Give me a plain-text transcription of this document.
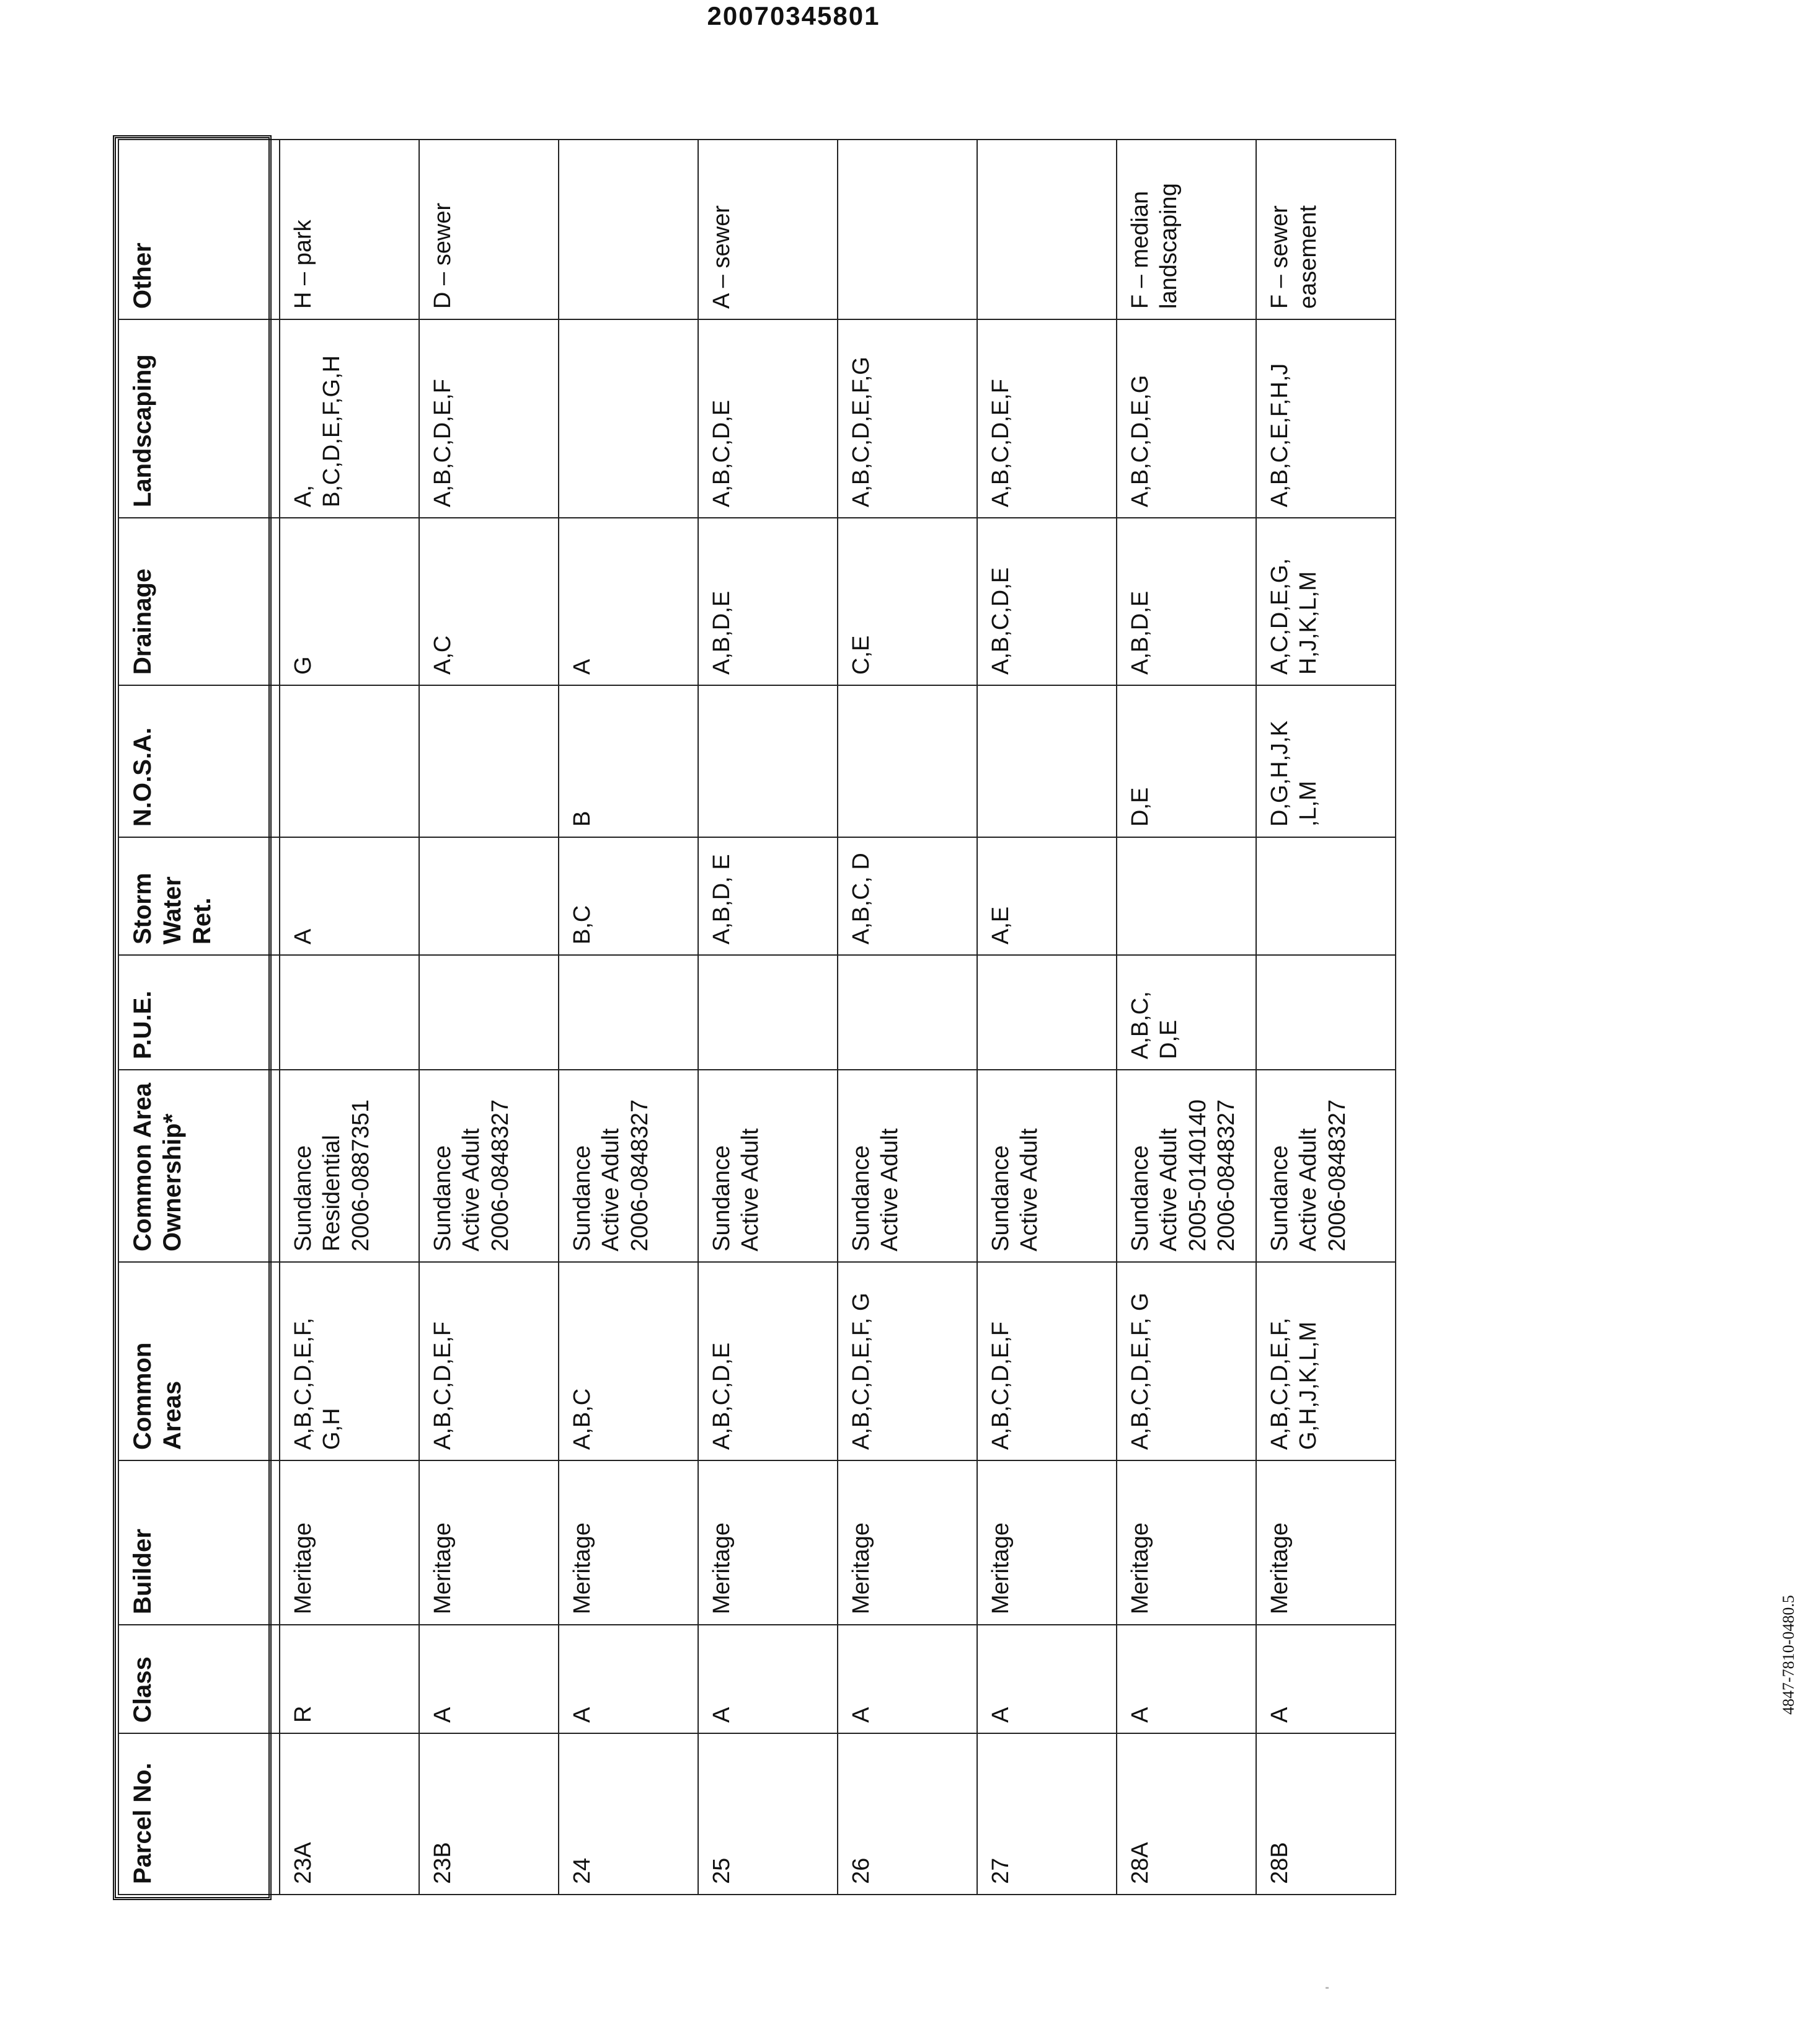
20070345801
Parcel No.	Class	Builder	Common Areas	Common Area Ownership*	P.U.E.	Storm Water Ret.	N.O.S.A.	Drainage	Landscaping	Other
23A	R	Meritage	A,B,C,D,E,F, G,H	Sundance Residential 2006-0887351		A		G	A, B,C,D,E,F,G,H	H – park
23B	A	Meritage	A,B,C,D,E,F	Sundance Active Adult 2006-0848327				A,C	A,B,C,D,E,F	D – sewer
24	A	Meritage	A,B,C	Sundance Active Adult 2006-0848327		B,C	B	A		
25	A	Meritage	A,B,C,D,E	Sundance Active Adult		A,B,D, E		A,B,D,E	A,B,C,D,E	A – sewer
26	A	Meritage	A,B,C,D,E,F, G	Sundance Active Adult		A,B,C, D		C,E	A,B,C,D,E,F,G	
27	A	Meritage	A,B,C,D,E,F	Sundance Active Adult		A,E		A,B,C,D,E	A,B,C,D,E,F	
28A	A	Meritage	A,B,C,D,E,F, G	Sundance Active Adult 2005-0140140 2006-0848327	A,B,C, D,E		D,E	A,B,D,E	A,B,C,D,E,G	F – median landscaping
28B	A	Meritage	A,B,C,D,E,F, G,H,J,K,L,M	Sundance Active Adult 2006-0848327			D,G,H,J,K ,L,M	A,C,D,E,G, H,J,K,L,M	A,B,C,E,F,H,J	F – sewer easement
4847-7810-0480.5
